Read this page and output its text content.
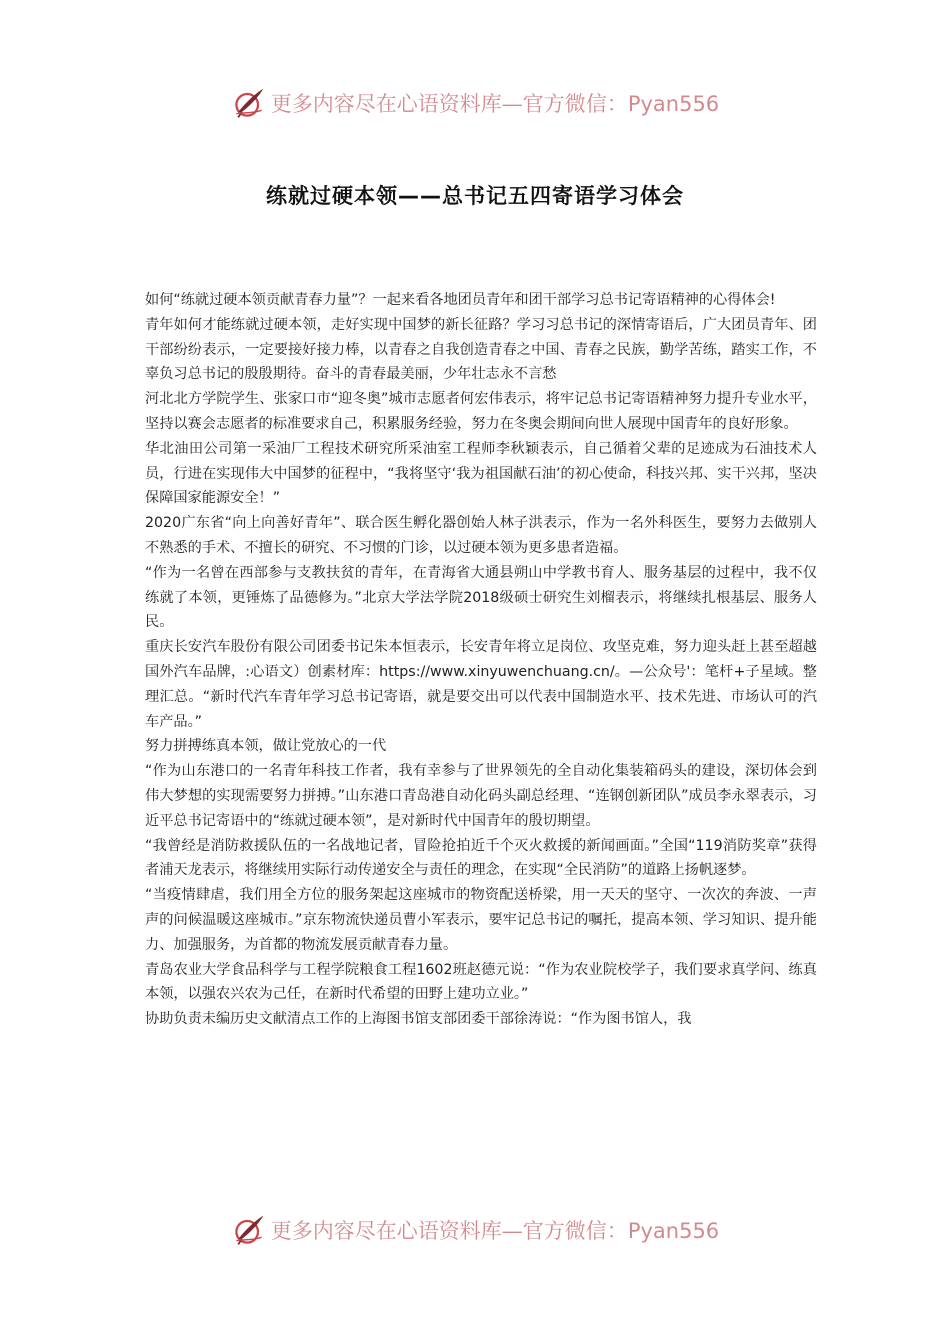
更多内容尽在心语资料库—官方微信：Pyan556
练就过硬本领——总书记五四寄语学习体会

如何“练就过硬本领贡献青春力量”？一起来看各地团员青年和团干部学习总书记寄语精神的心得体会!

青年如何才能练就过硬本领，走好实现中国梦的新长征路？学习习总书记的深情寄语后，广大团员青年、团干部纷纷表示，一定要接好接力棒，以青春之自我创造青春之中国、青春之民族，勤学苦练，踏实工作，不辜负习总书记的殷殷期待。奋斗的青春最美丽，少年壮志永不言愁

河北北方学院学生、张家口市“迎冬奥”城市志愿者何宏伟表示，将牢记总书记寄语精神努力提升专业水平，坚持以赛会志愿者的标准要求自己，积累服务经验，努力在冬奥会期间向世人展现中国青年的良好形象。

华北油田公司第一采油厂工程技术研究所采油室工程师李秋颖表示，自己循着父辈的足迹成为石油技术人员，行进在实现伟大中国梦的征程中，“我将坚守‘我为祖国献石油’的初心使命，科技兴邦、实干兴邦，坚决保障国家能源安全！”

2020广东省“向上向善好青年”、联合医生孵化器创始人林子洪表示，作为一名外科医生，要努力去做别人不熟悉的手术、不擅长的研究、不习惯的门诊，以过硬本领为更多患者造福。

“作为一名曾在西部参与支教扶贫的青年，在青海省大通县朔山中学教书育人、服务基层的过程中，我不仅练就了本领，更锤炼了品德修为。”北京大学法学院2018级硕士研究生刘榴表示，将继续扎根基层、服务人民。

重庆长安汽车股份有限公司团委书记朱本恒表示，长安青年将立足岗位、攻坚克难，努力迎头赶上甚至超越国外汽车品牌，:心语文）创素材库：https://www.xinyuwenchuang.cn/。—公众号'：笔杆+子星域。整理汇总。“新时代汽车青年学习总书记寄语，就是要交出可以代表中国制造水平、技术先进、市场认可的汽车产品。”

努力拼搏练真本领，做让党放心的一代

“作为山东港口的一名青年科技工作者，我有幸参与了世界领先的全自动化集装箱码头的建设，深切体会到伟大梦想的实现需要努力拼搏。”山东港口青岛港自动化码头副总经理、“连钢创新团队”成员李永翠表示，习近平总书记寄语中的“练就过硬本领”，是对新时代中国青年的殷切期望。

“我曾经是消防救援队伍的一名战地记者，冒险抢拍近千个灭火救援的新闻画面。”全国“119消防奖章”获得者浦天龙表示，将继续用实际行动传递安全与责任的理念，在实现“全民消防”的道路上扬帆逐梦。

“当疫情肆虐，我们用全方位的服务架起这座城市的物资配送桥梁，用一天天的坚守、一次次的奔波、一声声的问候温暖这座城市。”京东物流快递员曹小军表示，要牢记总书记的嘱托，提高本领、学习知识、提升能力、加强服务，为首都的物流发展贡献青春力量。

青岛农业大学食品科学与工程学院粮食工程1602班赵德元说：“作为农业院校学子，我们要求真学问、练真本领，以强农兴农为己任，在新时代希望的田野上建功立业。”

协助负责未编历史文献清点工作的上海图书馆支部团委干部徐涛说：“作为图书馆人，我

更多内容尽在心语资料库—官方微信：Pyan556
